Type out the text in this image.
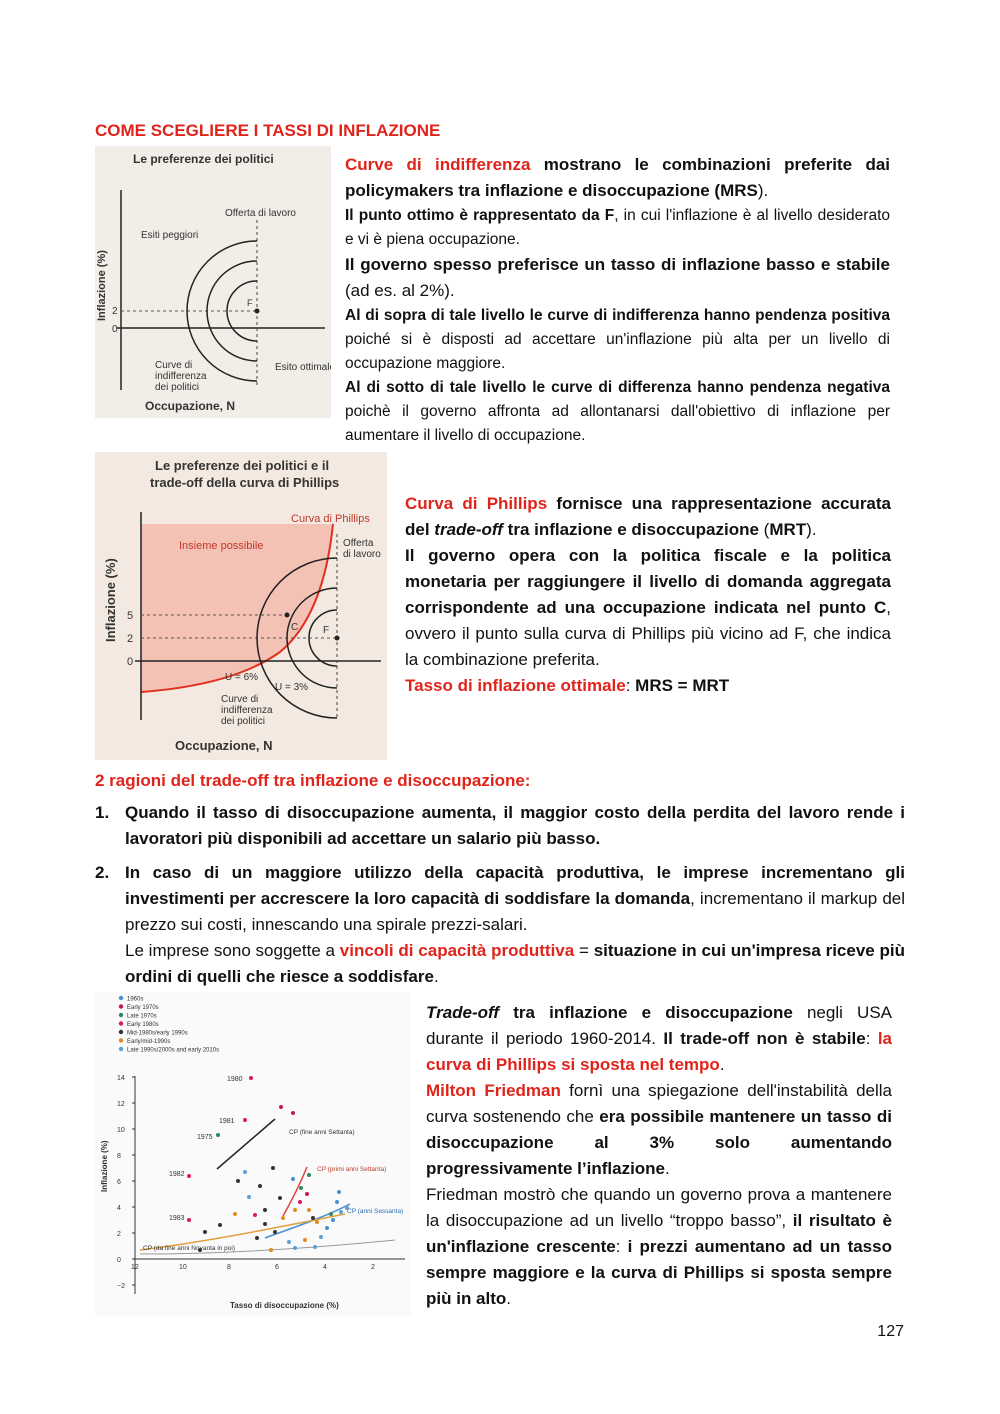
COME SCEGLIERE I TASSI DI INFLAZIONE
Le preferenze dei politici
Inflazione (%) 2
0
Offerta di lavoro
Esiti peggiori
F
Esito ottimale
Curve di
indifferenza
dei politici
Occupazione, N
Curve di indifferenza mostrano le combinazioni preferite dai policymakers tra inflazione e disoccupazione (MRS).
Il punto ottimo è rappresentato da F, in cui l'inflazione è al livello desiderato e vi è piena occupazione.
Il governo spesso preferisce un tasso di inflazione basso e stabile (ad es. al 2%).
Al di sopra di tale livello le curve di indifferenza hanno pendenza positiva poiché si è disposti ad accettare un'inflazione più alta per un livello di occupazione maggiore.
Al di sotto di tale livello le curve di differenza hanno pendenza negativa poichè il governo affronta ad allontanarsi dall'obiettivo di inflazione per aumentare il livello di occupazione.
Le preferenze dei politici e il
trade-off della curva di Phillips
Inflazione (%) 5
2
0
Curva di Phillips
Insieme possibile	Offerta
di lavoro
C F
U = 6%
U = 3%
Curve di
indifferenza
dei politici
Occupazione, N
Curva di Phillips fornisce una rappresentazione accurata del trade-off tra inflazione e disoccupazione (MRT).
Il governo opera con la politica fiscale e la politica monetaria per raggiungere il livello di domanda aggregata corrispondente ad una occupazione indicata nel punto C, ovvero il punto sulla curva di Phillips più vicino ad F, che indica la combinazione preferita.
Tasso di inflazione ottimale: MRS = MRT
2 ragioni del trade-off tra inflazione e disoccupazione:
1. Quando il tasso di disoccupazione aumenta, il maggior costo della perdita del lavoro rende i lavoratori più disponibili ad accettare un salario più basso.
2. In caso di un maggiore utilizzo della capacità produttiva, le imprese incrementano gli investimenti per accrescere la loro capacità di soddisfare la domanda, incrementano il markup del prezzo sui costi, innescando una spirale prezzi-salari.
Le imprese sono soggette a vincoli di capacità produttiva = situazione in cui un'impresa riceve più ordini di quelli che riesce a soddisfare.
1960s
Early 1970s
Late 1970s
Early 1980s
Mid-1980s/early 1990s
Early/mid-1990s
Late 1990s/2000s and early 2010s
14
12
10
8
6
4
2
0
−2
12	10	8	6	4	2
1980
1981
1975
1982
1983
CP (fine anni Settanta)
CP (primi anni Settanta)
CP (anni Sessanta)
CP (da fine anni Novanta in poi)
Inflazione (%)
Tasso di disoccupazione (%)
Trade-off tra inflazione e disoccupazione negli USA durante il periodo 1960-2014. Il trade-off non è stabile: la curva di Phillips si sposta nel tempo.
Milton Friedman fornì una spiegazione dell'instabilità della curva sostenendo che era possibile mantenere un tasso di disoccupazione al 3% solo aumentando progressivamente l’inflazione.
Friedman mostrò che quando un governo prova a mantenere la disoccupazione ad un livello “troppo basso”, il risultato è un'inflazione crescente: i prezzi aumentano ad un tasso sempre maggiore e la curva di Phillips si sposta sempre più in alto.
127
